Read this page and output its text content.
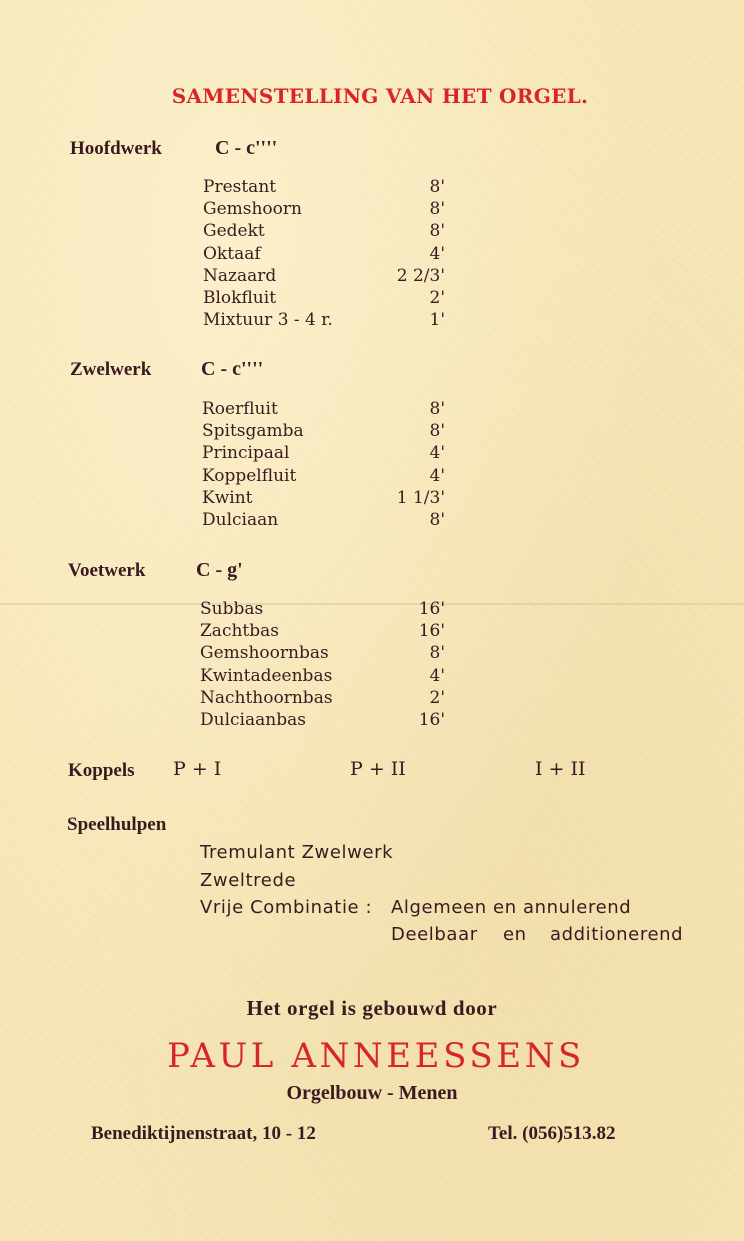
SAMENSTELLING VAN HET ORGEL.
Hoofdwerk	C - c''''
Prestant	8'
Gemshoorn	8'
Gedekt	8'
Oktaaf	4'
Nazaard	2 2/3'
Blokfluit	2'
Mixtuur 3 - 4 r.	1'
Zwelwerk C - c''''
Roerfluit	8'
Spitsgamba	8'
Principaal	4'
Koppelfluit	4'
Kwint	1 1/3'
Dulciaan	8'
Voetwerk	C - g'
Subbas	16'
Zachtbas	16'
Gemshoornbas	8'
Kwintadeenbas	4'
Nachthoornbas	2'
Dulciaanbas	16'
Koppels P + I	P + II	I + II
Speelhulpen
Tremulant Zwelwerk
Zweltrede
Vrije Combinatie : Algemeen en annulerend
Deelbaar en additionerend
Het orgel is gebouwd door
PAUL ANNEESSENS
Orgelbouw - Menen
Benediktijnenstraat, 10 - 12	Tel. (056)513.82
